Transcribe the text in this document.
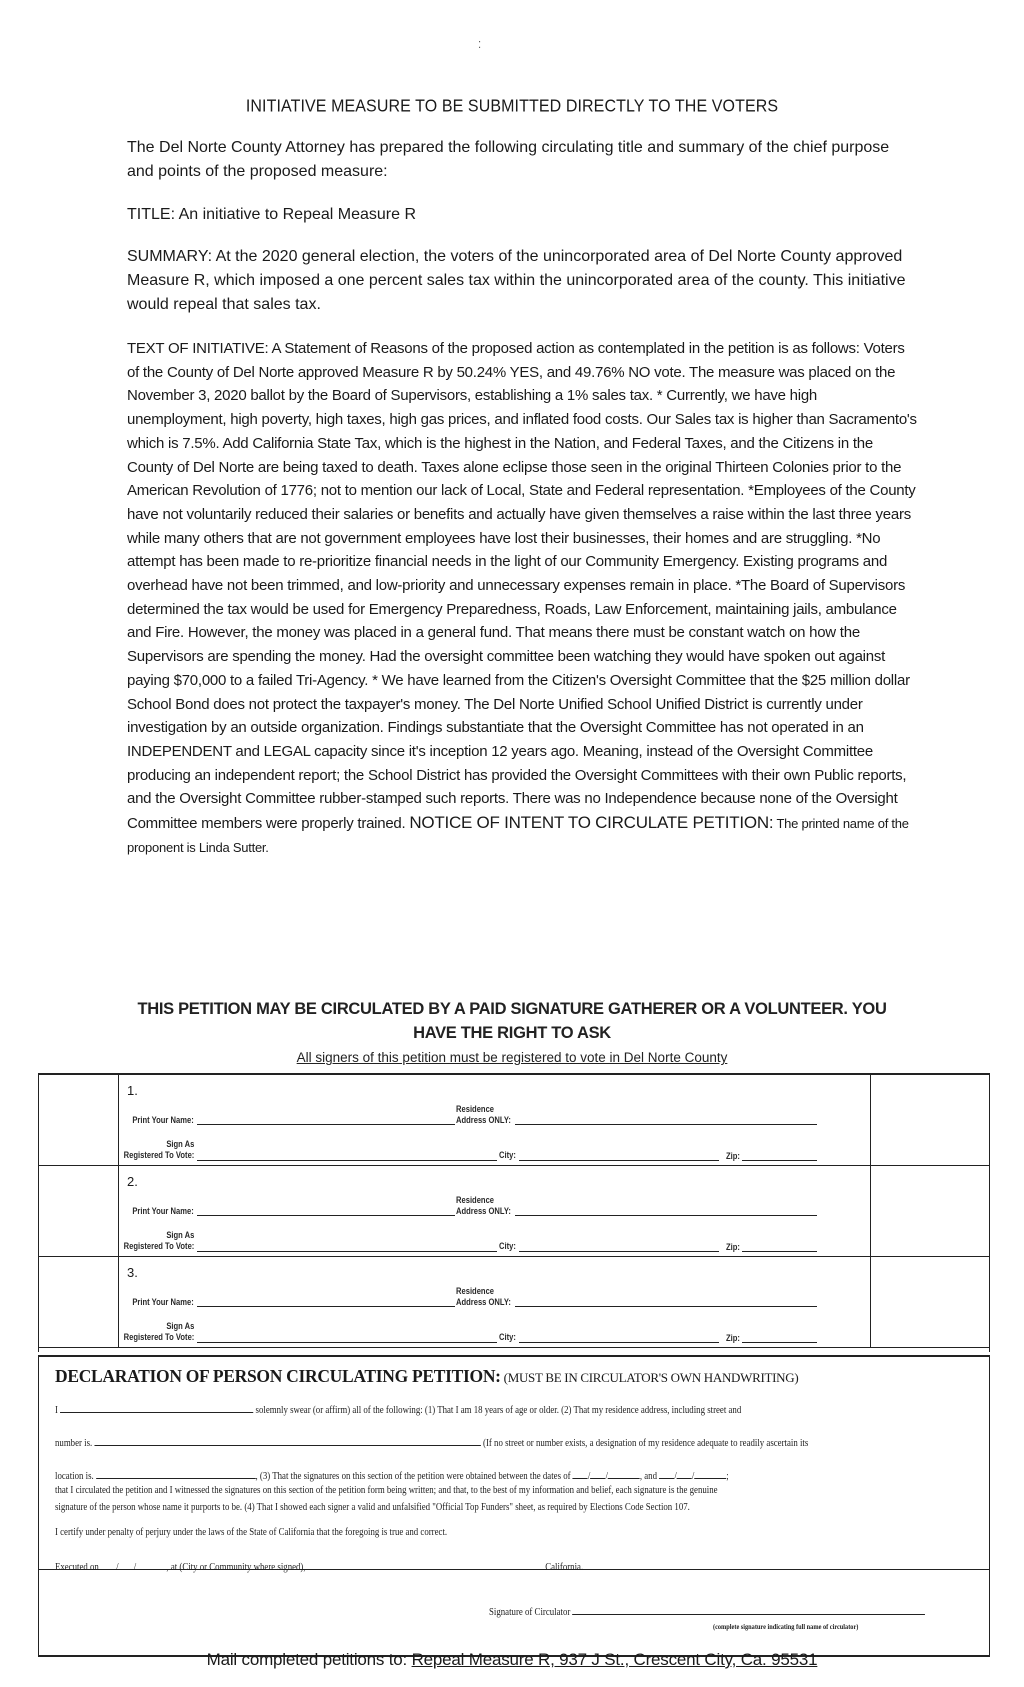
⁚
INITIATIVE MEASURE TO BE SUBMITTED DIRECTLY TO THE VOTERS
The Del Norte County Attorney has prepared the following circulating title and summary of the chief purpose and points of the proposed measure:
TITLE: An initiative to Repeal Measure R
SUMMARY: At the 2020 general election, the voters of the unincorporated area of Del Norte County approved Measure R, which imposed a one percent sales tax within the unincorporated area of the county. This initiative would repeal that sales tax.
TEXT OF INITIATIVE: A Statement of Reasons of the proposed action as contemplated in the petition is as follows: Voters of the County of Del Norte approved Measure R by 50.24% YES, and 49.76% NO vote. The measure was placed on the November 3, 2020 ballot by the Board of Supervisors, establishing a 1% sales tax. * Currently, we have high unemployment, high poverty, high taxes, high gas prices, and inflated food costs. Our Sales tax is higher than Sacramento's which is 7.5%. Add California State Tax, which is the highest in the Nation, and Federal Taxes, and the Citizens in the County of Del Norte are being taxed to death. Taxes alone eclipse those seen in the original Thirteen Colonies prior to the American Revolution of 1776; not to mention our lack of Local, State and Federal representation. *Employees of the County have not voluntarily reduced their salaries or benefits and actually have given themselves a raise within the last three years while many others that are not government employees have lost their businesses, their homes and are struggling. *No attempt has been made to re-prioritize financial needs in the light of our Community Emergency. Existing programs and overhead have not been trimmed, and low-priority and unnecessary expenses remain in place. *The Board of Supervisors determined the tax would be used for Emergency Preparedness, Roads, Law Enforcement, maintaining jails, ambulance and Fire. However, the money was placed in a general fund. That means there must be constant watch on how the Supervisors are spending the money. Had the oversight committee been watching they would have spoken out against paying $70,000 to a failed Tri-Agency. * We have learned from the Citizen's Oversight Committee that the $25 million dollar School Bond does not protect the taxpayer's money. The Del Norte Unified School Unified District is currently under investigation by an outside organization. Findings substantiate that the Oversight Committee has not operated in an INDEPENDENT and LEGAL capacity since it's inception 12 years ago. Meaning, instead of the Oversight Committee producing an independent report; the School District has provided the Oversight Committees with their own Public reports, and the Oversight Committee rubber-stamped such reports. There was no Independence because none of the Oversight Committee members were properly trained. NOTICE OF INTENT TO CIRCULATE PETITION: The printed name of the proponent is Linda Sutter.
THIS PETITION MAY BE CIRCULATED BY A PAID SIGNATURE GATHERER OR A VOLUNTEER. YOU
HAVE THE RIGHT TO ASK
All signers of this petition must be registered to vote in Del Norte County
1.
Print Your Name:
Residence
Address ONLY:
Sign As
Registered To Vote:	City:	Zip:
2.
Print Your Name:
Residence
Address ONLY:
Sign As
Registered To Vote:	City:	Zip:
3.
Print Your Name:
Residence
Address ONLY:
Sign As
Registered To Vote:	City:	Zip:
DECLARATION OF PERSON CIRCULATING PETITION: (MUST BE IN CIRCULATOR'S OWN HANDWRITING)
I	solemnly swear (or affirm) all of the following: (1) That I am 18 years of age or older. (2) That my residence address, including street and
number is.	(If no street or number exists, a designation of my residence adequate to readily ascertain its
location is.	, (3) That the signatures on this section of the petition were obtained between the dates of / /	, and / /	;
that I circulated the petition and I witnessed the signatures on this section of the petition form being written; and that, to the best of my information and belief, each signature is the genuine
signature of the person whose name it purports to be. (4) That I showed each signer a valid and unfalsified "Official Top Funders" sheet, as required by Elections Code Section 107.
I certify under penalty of perjury under the laws of the State of California that the foregoing is true and correct.
Executed on / /	, at (City or Community where signed),	California.
Signature of Circulator
(complete signature indicating full name of circulator)
Mail completed petitions to: Repeal Measure R, 937 J St., Crescent City, Ca. 95531
